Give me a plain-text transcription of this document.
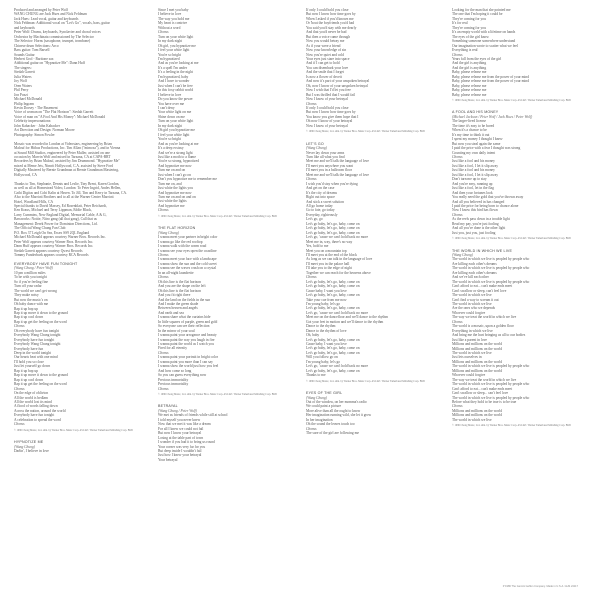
Produced and arranged by Peter Wolf
WANG CHUNG are Jack Hues and Nick Feldman
Jack Hues: Lead vocal, guitar and keyboards
Nick Feldman: Additional vocal on "Let's Go", vocals, bass, guitar
and keyboards
Peter Wolf: Drums, keyboards, Synclavier and choral voices
Orchestra by Machinata commissioned by The Selector
The Selector: Horns (saxophone, trumpet, trombone)
Chinese drum Selections: Arco
Bass guitar: Tom Barsell
Sounds Guitar
Herbert Grol - Baritone sax
Additional guitar on "Hypnotize Me": Dann Huff
The singers:
Siedah Garrett
Julia Waters
Joy Wolf
Oren Waters
Phil Perry
Jon Pozzi
Michael McDonald
Philip Ingram
Kevin Dorsey - The Basement
Voice of woman on "The Flat Horizon": Siedah Garrett
Voice of man on "A Fool And His Money": Michael McDonald
Celebrity impersonations:
John Kabacker · John Kabacker
Art Direction and Design: Norman Moore
Photography: Simon Fowler
Mosaic was recorded in London at Videostars, engineering by Brian
Malouf for Hitbus Productions, Inc. Tim Allan ("mimosa"), and in Vienna
at Sound Mill Studios, engineered by Peter Muller, assisted on one
occasion by Marvin Wolf and mixed in Tarzana, CA at CAPA-BRT
Recorders by Brian Malouf, assisted by Jim Drummond. "Hypnotize Me"
mixed at Meme Jets, Nimrit Hollywood, C.A. assisted by Steve Ford
Digitally Mastered by Bernie Grundman at Bernie Grundman Mastering,
Hollywood, CA
Thanks to Tim, Stephanie, Dennis and Leslie, Tiny Brent, Karen Gordon,
as well as all at Homestead Video, London: To Peter Ingrid, Andes Hellen,
Cathi Digitas and Cohi Kalin at Haven. To Jill, Tim and Kerry in Tarzana, CA.
Also to the Marriott Brothers and to all at the Warner Center Marriott
Hotel, Woodland Hills, CA
Special thanks to David Massey, Ed Rosenblatt, Peter Reichardt,
Ken Kraus, Michael and Terry Lippman, Eddie Black,
Larry Cummins, New England Digital, Memorial Cable, A & G,
Bassworks: Nottie, Nitro gang (all that gang), Call that us
Management: Derek Power for Dominion Directions, Ltd.
The Official Wang Chung Fan Club
P.O. Box 37 Leigh On Sea, Essex SS9 2QL England
Michael McDonald appears courtesy Warner Bros. Records Inc.
Peter Wolf appears courtesy Warner Bros. Records Inc.
Dann Huff appears courtesy Warner Bros. Records Inc.
Siedah Garrett appears courtesy Qwest Records
Tommy Funderburk appears courtesy RCA Records
EVERYBODY HAVE FUN TONIGHT
(Wang Chung / Peter Wolf)
10 pm a million miles
To be with you tonight
So if you're feeling fine
Turn off your radar
The world we can't get wrong
They make noisy
But now the music's on
Oh baby dance with me
Rap it up bop up
Rap it up move it down to the ground
Rap it up cool down
Rap it up get the feeling on the word
Chorus
Oh everybody have fun tonight
Everybody Wang Chung tonight
Everybody have fun tonight
Everybody Wang Chung tonight
Everybody have fun
Deep in the world tonight
Our hearts beat with one mind
I'll hold you so close
Just let yourself go down
Rap it up bop up
Rap it up move it down to the ground
Rap it up cool down
Rap it up get the feeling on the word
Chorus
On the edge of oblivion
All the world is bedlam
All the world lost its mind
A flood of words falling down
Across the nation, around the world
Everybody have fun tonight
A celebration to spread the word
Chorus
© 1986 Chong Music, Ltd. adm. by Warner Bros. Music Corp. ASCAP / Warner Tamerlane Publishing Corp. BMI
HYPNOTIZE ME
(Wang Chung)
Darlin', I believe in love
Since I met you baby
I believe in love
The way you hold me
My heart is contrive
Without a word
Chorus
Turn on your white light
In my dark night
Oh girl, you hypnotize me
I feel your white light
You're so bright
I'm hypnotized
And as you're looking at me
It's a spell I'm under
It's a feeling in the night
I'm hypnotized, baby
And I have to wonder
Just when I can't be free
In this foxy rabbit world
I believe in love
Do you know the power
You have over me
I can't deny
Your white light on me
Shine down on me
Turn on your white light
In my dark night
Oh girl you hypnotize me
I feel your white light
You're so bright
And as you're looking at me
It's a deep ecstasy
And we're a strong light
Just like a moth to a flame
You're so strong, hypnotized
And hypnotize me now
Turn me on and on
Just when I can't go on
Don't you hypnotize me to remember me
Turn me on, and
Just white the lights you
And hypnotize me now
Turn me on and on and on
Just white the lights
And hypnotize me
Chorus
© 1986 Chong Music, Ltd. adm. by Warner Bros. Music Corp. ASCAP / Warner Tamerlane Publishing Corp. BMI
THE FLAT HORIZON
(Wang Chung)
I wanna meet your partner in bright color
I wanna go like the red rooftop
I wanna walk with the warm road
I wanna see your eyes open the coastline
Chorus
I wanna meet your face with a landscape
I wanna show the sun and the cold sweet
I wanna see the waves crash on a crystal
In an all-night laundrette
Chorus
Oh this line is the flat horizon
And you are the shape on the left
Oh this line is the flat horizon
And you fit right there
And the land on the fields in the sun
And I make the green shade
Between heaven and angels
And earth and sea
I wanna share what the curtains hide
In little squares of purple, green and gold
So everyone can see their reflection
In the mirror of your soul
I wanna paint your arrogance and beauty
I wanna paint the way you laugh in fire
I wanna paint the world as I watch you
Fired for all eternity
Chorus
I wanna paint your portrait in bright color
I wanna paint you more than I can say
I wanna show the world just how you feel
And how come so long
So you can guess everything now
Precious immortality
Precious immortality
Chorus
© 1986 Chong Music, Ltd. adm. by Warner Bros. Music Corp. ASCAP / Warner Tamerlane Publishing Corp. BMI
BETRAYAL
(Wang Chung / Peter Wolf)
We met as friends of friends while still at school
I told myself you never knew
Now that we met it was like a dream
For all I knew we could not fail
But now I know your betrayal
Losing at the table part of town
I wonder if you had it to bring us round
Your corner was very far for you
But deep inside I wouldn't fail
Just how I knew your betrayal
Your betrayal
If only I could hold you close
But now I know how time goes by
When I asked if you'd known me
Or 'bout the boyfriends you'd had
You said you'd stay with me dearly
And that you'd never be bad
But then a voice came through
Now you would betray me
As if your were a friend
Now your knowledge of sin
Now you're quiet and cold
Your eyes just stare into space
And if I can get to hold
You can disembark your love
And the smile that I forget
Is now a flower of deceit
And now it's part of your unspoken betrayal
Oh, now I know of your unspoken betrayal
Now I wish that I'd let you free
But I was thrilled that I would fail
Now I know of your betrayal
Chorus
If only I could hold you close
But now I know how time goes by
You know you give them hope that I
Oh now I know of your betrayal
Now I know of your betrayal
© 1986 Chong Music, Ltd. adm. by Warner Bros. Music Corp. ASCAP / Warner Tamerlane Publishing Corp. BMI
LET'S GO
(Wang Chung)
Never lay down your arms
Turn like all what you find
Meet me and we'll talk the language of love
I'll meet you anywhere you want
I'll meet you in a ballroom floor
Meet me and we'll talk the language of love
Chorus
I wish you'd stay when you're dying
And get on the case
It's the city of dreams
Right out into space
And stick a sweet solution
All go home today
Go to fate, go today
Everyday, righteously
Let's go, go
Let's go baby, let's go, baby, come on
Let's go baby, let's go, baby, come on
Let's go baby, let's go, baby, come on
Let's go, 'cause we can't hold back no more
Meet me in, way, there's no way
Yes, hold to me
Meet you on a mountain top
I'll meet you at the end of the block
As long as we can talk in the language of love
I'll meet you in the palace hall
I'll take you to the edge of night
Together we can reach for the heavens above
Chorus
Let's go baby, let's go, baby, come on
Let's go baby, let's go, baby, come on
Cause baby, I want you love
Let's go baby, let's go, baby, come on
Take your cue from me now
I'm young baby, let's go
Let's go baby, let's go, baby, come on
Let's go, 'cause we can't hold back no more
Meet me on the dancefloor and we'll dance to the rhythm
Got your feet in motion and we'll dance to the rhythm
Dance to the rhythm
Dance to the rhythm of love
Oh, baby
Let's go baby, let's go, baby, come on
Cause baby, I want you love
Let's go baby, let's go, baby, come on
Let's go baby, let's go, baby, come on
Will you follow go on
I'm young baby, let's go
Let's go, 'cause we can't hold back no more
Let's go baby, let's go, baby, come on
Thanks to me
© 1986 Chong Music, Ltd. adm. by Warner Bros. Music Corp. ASCAP / Warner Tamerlane Publishing Corp. BMI
EYES OF THE GIRL
(Wang Chung)
Out of the window, on her momma's radio
We could paint a picture
More alive than all the ought to know
Her imagination running wild, she let it grow
In her imagination
Oh the sound the leaves touch too
Chorus
The sure of the girl are following me
Looking for the man that she pointed me
The one that I'm hoping it could be
They're coming for you
It's for real
They're coming for you
It's an empty world with a lifetime on hands
The eyes of the girl know
Something someone somewhere understand
Our imagination wrote to scatter what we feel
Everything is real
Chorus
Years fall from the eyes of the girl
And the girl is anything
And the girl is anything
Baby, please release me
Baby, please release me from the power of your mind
Baby, please release me from the power of your mind
Baby, please release me
Baby, please release me
Baby, please release me
© 1986 Chong Music, Ltd. adm. by Warner Bros. Music Corp. ASCAP / Warner Tamerlane Publishing Corp. BMI
A FOOL AND HIS MONEY
(Michael Jackson / Peter Wolf / Jack Hues / Peter Wolf)
The larger-lived license
The time it's easy to be bored
When it's a chance to be
It's my time to think it out
I spent my money I thought I knew
But now you steal again the same
I paid the price with a fear I thought was strong
Counting my own daily intent
Chorus
Just like a fool and his money
Just like a fool, I let it slip away
Just like a fool and his money
Just like a fool, I let it slip away
Don't turn me up to stay
And you're easy, running up
Just like a fool, let in the flag
And then your fortunes look
You really need the gold that you've thrown away
And all you believed in has changed
I paid the price for being born to chance alone
Now I know this bird has flown
Chorus
As the reels pass down in a trouble light
Read my pay, you're just fooling
And all you've done is the other light
Just you, just you, just fooling
© 1986 Chong Music, Ltd. adm. by Warner Bros. Music Corp. ASCAP / Warner Tamerlane Publishing Corp. BMI
THE WORLD IN WHICH WE LIVE
(Wang Chung)
The world in which we live is peopled by people who
Are killing each other's dreams
The world in which we live is peopled by people who
Are killing each other's dreams
And we've kill each other
The world in which we live is peopled by people who
Can't afford to eat... can't make ends meet
Can't swallow or sleep, can't feel love
The world in which we live
Can't find a way to scream it out
The world in which we live
Are the ones who we depends
Whoever could forgive
The way we treat the world in which we live
Chorus
The world is a mosaic, upon a golden floor
Everything in which we live
And bring me the hurt bringing us all to our bodies
Just like a parent in love
Millions and millions on the world
Millions and millions on the world
The world in which we live
Just lets ourselves in
Millions and millions on the world
The world in which we live is peopled by people who
Millions and millions on the world
Whoever could forgive
The way we treat the world in which we live
The world in which we live is peopled by people who
Can't afford to eat... can't make ends meet
Can't swallow or sleep... can't feel love
The world in which we live is peopled by people who
Before what they hold to be true is to be true
Chorus
Millions and millions on the world
Millions and millions on the world
The world in which we live
© 1986 Chong Music, Ltd. adm. by Warner Bros. Music Corp. ASCAP / Warner Tamerlane Publishing Corp. BMI
P 1986 The Gemini Geffen Company. Made in U.S.A. GHS 24117
